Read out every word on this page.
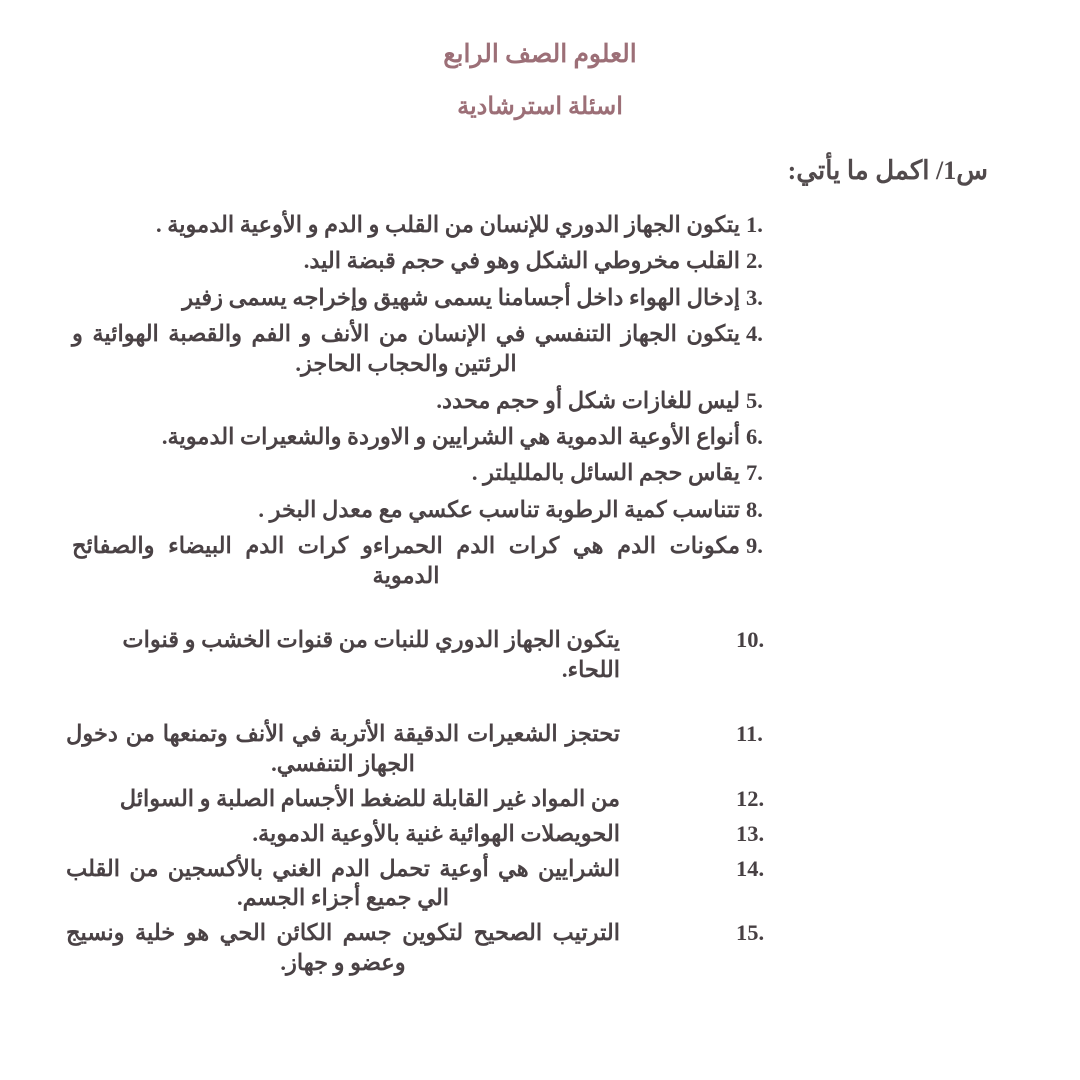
العلوم الصف الرابع
اسئلة استرشادية
س1/ اكمل ما يأتي:
1.
يتكون الجهاز الدوري للإنسان من القلب و الدم و الأوعية الدموية .
2.
القلب مخروطي الشكل وهو في حجم قبضة اليد.
3.
إدخال الهواء داخل أجسامنا يسمى شهيق وإخراجه يسمى زفير
4.
يتكون الجهاز التنفسي في الإنسان من الأنف و الفم والقصبة الهوائية و الرئتين والحجاب الحاجز.
5.
ليس للغازات شكل أو حجم محدد.
6.
أنواع الأوعية الدموية هي الشرايين و الاوردة والشعيرات الدموية.
7.
يقاس حجم السائل بالملليلتر .
8.
تتناسب كمية الرطوبة تناسب عكسي مع معدل البخر .
9.
مكونات الدم هي كرات الدم الحمراءو كرات الدم البيضاء والصفائح الدموية
10.
يتكون الجهاز الدوري للنبات من قنوات الخشب و قنوات اللحاء.
11.
تحتجز الشعيرات الدقيقة الأتربة في الأنف وتمنعها من دخول الجهاز التنفسي.
12.
من المواد غير القابلة للضغط الأجسام الصلبة و السوائل
13.
الحويصلات الهوائية غنية بالأوعية الدموية.
14.
الشرايين هي أوعية تحمل الدم الغني بالأكسجين من القلب الي جميع أجزاء الجسم.
15.
الترتيب الصحيح لتكوين جسم الكائن الحي هو خلية ونسيج وعضو و جهاز.
